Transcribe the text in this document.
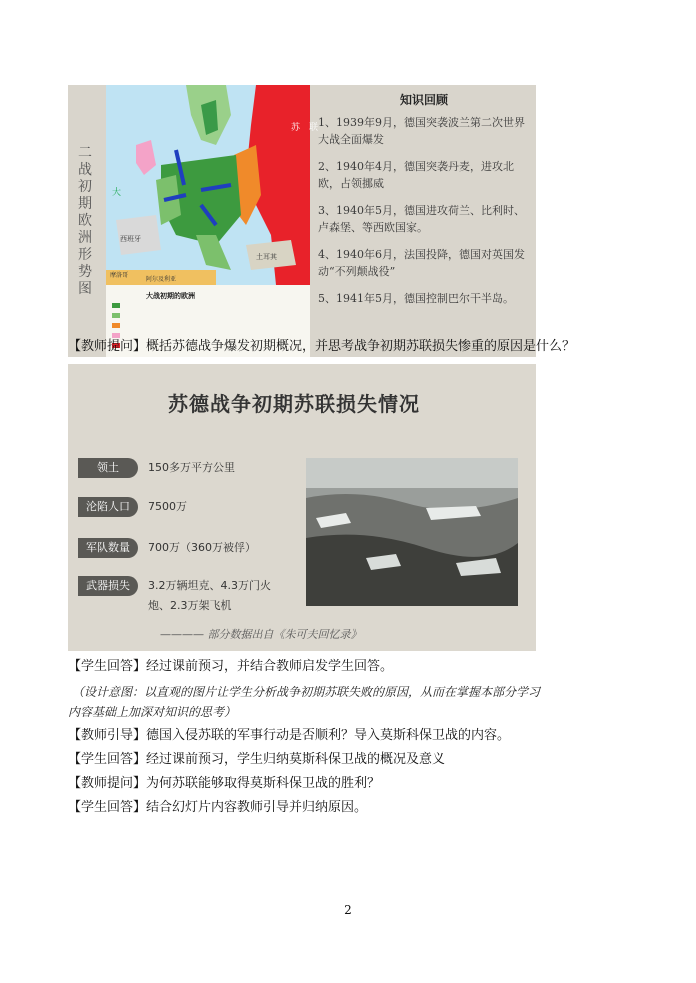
二战初期欧洲形势图
苏　联
大
西班牙
土耳其
摩洛哥
阿尔及利亚
大战初期的欧洲
知识回顾
1、1939年9月，德国突袭波兰第二次世界大战全面爆发
2、1940年4月，德国突袭丹麦，进攻北欧，占领挪威
3、1940年5月，德国进攻荷兰、比利时、卢森堡、等西欧国家。
4、1940年6月，法国投降，德国对英国发动“不列颠战役”
5、1941年5月，德国控制巴尔干半岛。
【教师提问】概括苏德战争爆发初期概况，并思考战争初期苏联损失惨重的原因是什么？
苏德战争初期苏联损失情况
领土	150多万平方公里
沦陷人口	7500万
军队数量	700万（360万被俘）
武器损失	3.2万辆坦克、4.3万门火炮、2.3万架飞机
———— 部分数据出自《朱可夫回忆录》
【学生回答】经过课前预习，并结合教师启发学生回答。
（设计意图：以直观的图片让学生分析战争初期苏联失败的原因，从而在掌握本部分学习
内容基础上加深对知识的思考）
【教师引导】德国入侵苏联的军事行动是否顺利？导入莫斯科保卫战的内容。
【学生回答】经过课前预习，学生归纳莫斯科保卫战的概况及意义
【教师提问】为何苏联能够取得莫斯科保卫战的胜利？
【学生回答】结合幻灯片内容教师引导并归纳原因。
2
